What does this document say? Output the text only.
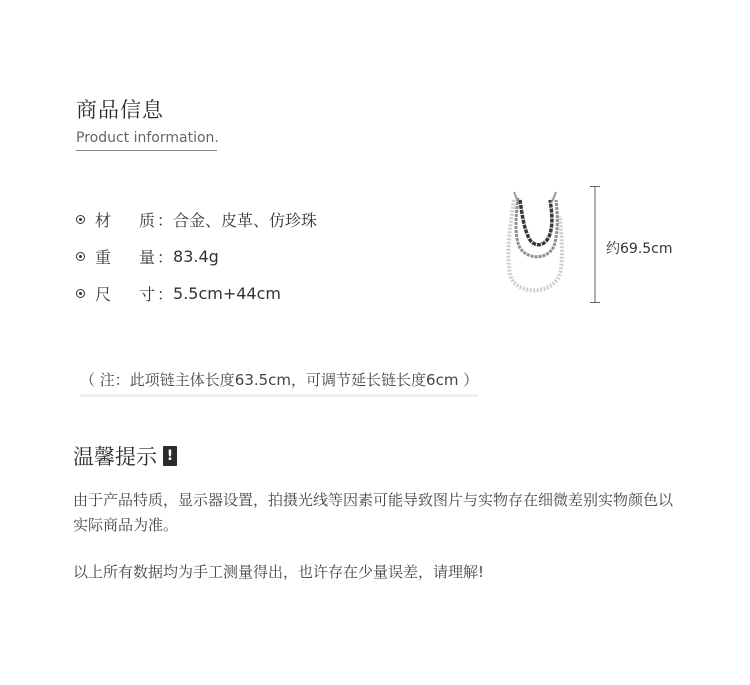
商品信息
Product information.
材 质 ： 合金、皮革、仿珍珠
重 量 ： 83.4g
尺 寸 ： 5.5cm+44cm
约69.5cm
（ 注：此项链主体长度63.5cm，可调节延长链长度6cm ）
温馨提示 !
由于产品特质，显示器设置，拍摄光线等因素可能导致图片与实物存在细微差别实物颜色以实际商品为准。
以上所有数据均为手工测量得出，也许存在少量误差，请理解!
